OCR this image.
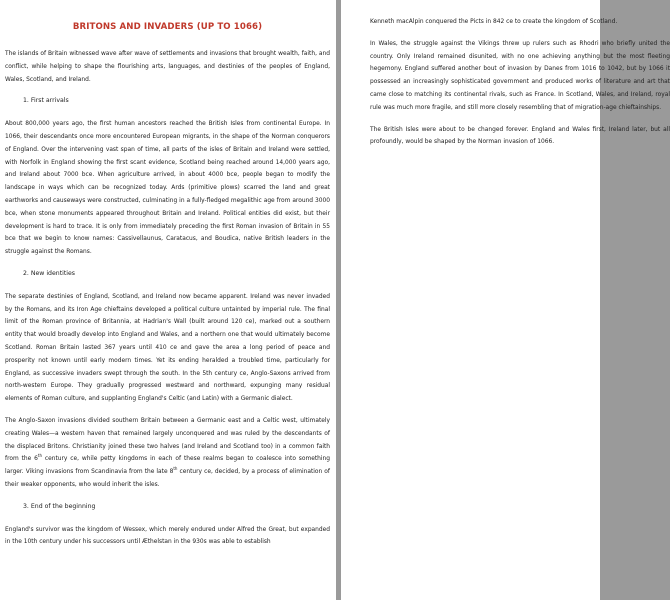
BRITONS AND INVADERS (UP TO 1066)

The islands of Britain witnessed wave after wave of settlements and invasions that brought wealth, faith, and conflict, while helping to shape the flourishing arts, languages, and destinies of the peoples of England, Wales, Scotland, and Ireland.

1. First arrivals

About 800,000 years ago, the first human ancestors reached the British Isles from continental Europe. In 1066, their descendants once more encountered European migrants, in the shape of the Norman conquerors of England. Over the intervening vast span of time, all parts of the isles of Britain and Ireland were settled, with Norfolk in England showing the first scant evidence, Scotland being reached around 14,000 years ago, and Ireland about 7000 bce. When agriculture arrived, in about 4000 bce, people began to modify the landscape in ways which can be recognized today. Ards (primitive plows) scarred the land and great earthworks and causeways were constructed, culminating in a fully-fledged megalithic age from around 3000 bce, when stone monuments appeared throughout Britain and Ireland. Political entities did exist, but their development is hard to trace. It is only from immediately preceding the first Roman invasion of Britain in 55 bce that we begin to know names: Cassivellaunus, Caratacus, and Boudica, native British leaders in the struggle against the Romans.

2. New identities

The separate destinies of England, Scotland, and Ireland now became apparent. Ireland was never invaded by the Romans, and its Iron Age chieftains developed a political culture untainted by imperial rule. The final limit of the Roman province of Britannia, at Hadrian's Wall (built around 120 ce), marked out a southern entity that would broadly develop into England and Wales, and a northern one that would ultimately become Scotland. Roman Britain lasted 367 years until 410 ce and gave the area a long period of peace and prosperity not known until early modern times. Yet its ending heralded a troubled time, particularly for England, as successive invaders swept through the south. In the 5th century ce, Anglo-Saxons arrived from north-western Europe. They gradually progressed westward and northward, expunging many residual elements of Roman culture, and supplanting England's Celtic (and Latin) with a Germanic dialect.

The Anglo-Saxon invasions divided southern Britain between a Germanic east and a Celtic west, ultimately creating Wales—a western haven that remained largely unconquered and was ruled by the descendants of the displaced Britons. Christianity joined these two halves (and Ireland and Scotland too) in a common faith from the 6th century ce, while petty kingdoms in each of these realms began to coalesce into something larger. Viking invasions from Scandinavia from the late 8th century ce, decided, by a process of elimination of their weaker opponents, who would inherit the isles.

3. End of the beginning

England's survivor was the kingdom of Wessex, which merely endured under Alfred the Great, but expanded in the 10th century under his successors until Æthelstan in the 930s was able to establish

Kenneth macAlpin conquered the Picts in 842 ce to create the kingdom of Scotland.

In Wales, the struggle against the Vikings threw up rulers such as Rhodri who briefly united the country. Only Ireland remained disunited, with no one achieving anything but the most fleeting hegemony. England suffered another bout of invasion by Danes from 1016 to 1042, but by 1066 it possessed an increasingly sophisticated government and produced works of literature and art that came close to matching its continental rivals, such as France. In Scotland, Wales, and Ireland, royal rule was much more fragile, and still more closely resembling that of migration-age chieftainships.

The British Isles were about to be changed forever. England and Wales first, Ireland later, but all profoundly, would be shaped by the Norman invasion of 1066.
